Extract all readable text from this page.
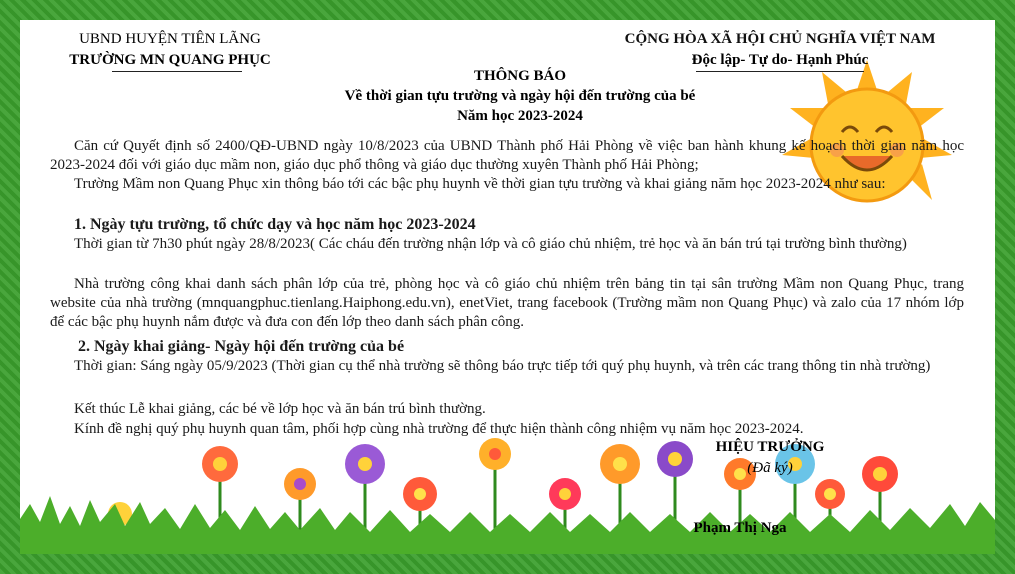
UBND HUYỆN TIÊN LÃNG
TRƯỜNG MN QUANG PHỤC
CỘNG HÒA XÃ HỘI CHỦ NGHĨA VIỆT NAM
Độc lập- Tự do- Hạnh Phúc
THÔNG BÁO
Về thời gian tựu trường và ngày hội đến trường của bé
Năm học 2023-2024
Căn cứ Quyết định số 2400/QĐ-UBND ngày 10/8/2023 của UBND Thành phố Hải Phòng về việc ban hành khung kế hoạch thời gian năm học 2023-2024 đối với giáo dục mầm non, giáo dục phổ thông và giáo dục thường xuyên Thành phố Hải Phòng;
Trường Mầm non Quang Phục xin thông báo tới các bậc phụ huynh về thời gian tựu trường và khai giảng năm học 2023-2024 như sau:
1. Ngày tựu trường, tổ chức dạy và học năm học 2023-2024
Thời gian từ 7h30 phút ngày 28/8/2023( Các cháu đến trường nhận lớp và cô giáo chủ nhiệm, trẻ học và ăn bán trú tại trường bình thường)
Nhà trường công khai danh sách phân lớp của trẻ, phòng học và cô giáo chủ nhiệm trên bảng tin tại sân trường Mầm non Quang Phục, trang website của nhà trường (mnquangphuc.tienlang.Haiphong.edu.vn), enetViet, trang facebook (Trường mầm non Quang Phục) và zalo của 17 nhóm lớp để các bậc phụ huynh nắm được và đưa con đến lớp theo danh sách phân công.
2. Ngày khai giảng- Ngày hội đến trường của bé
Thời gian: Sáng ngày 05/9/2023 (Thời gian cụ thể nhà trường sẽ thông báo trực tiếp tới quý phụ huynh, và trên các trang thông tin nhà trường)
Kết thúc Lễ khai giảng, các bé về lớp học và ăn bán trú bình thường.
Kính đề nghị quý phụ huynh quan tâm, phối hợp cùng nhà trường để thực hiện thành công nhiệm vụ năm học 2023-2024.
HIỆU TRƯỞNG
(Đã ký)
Phạm Thị Nga
